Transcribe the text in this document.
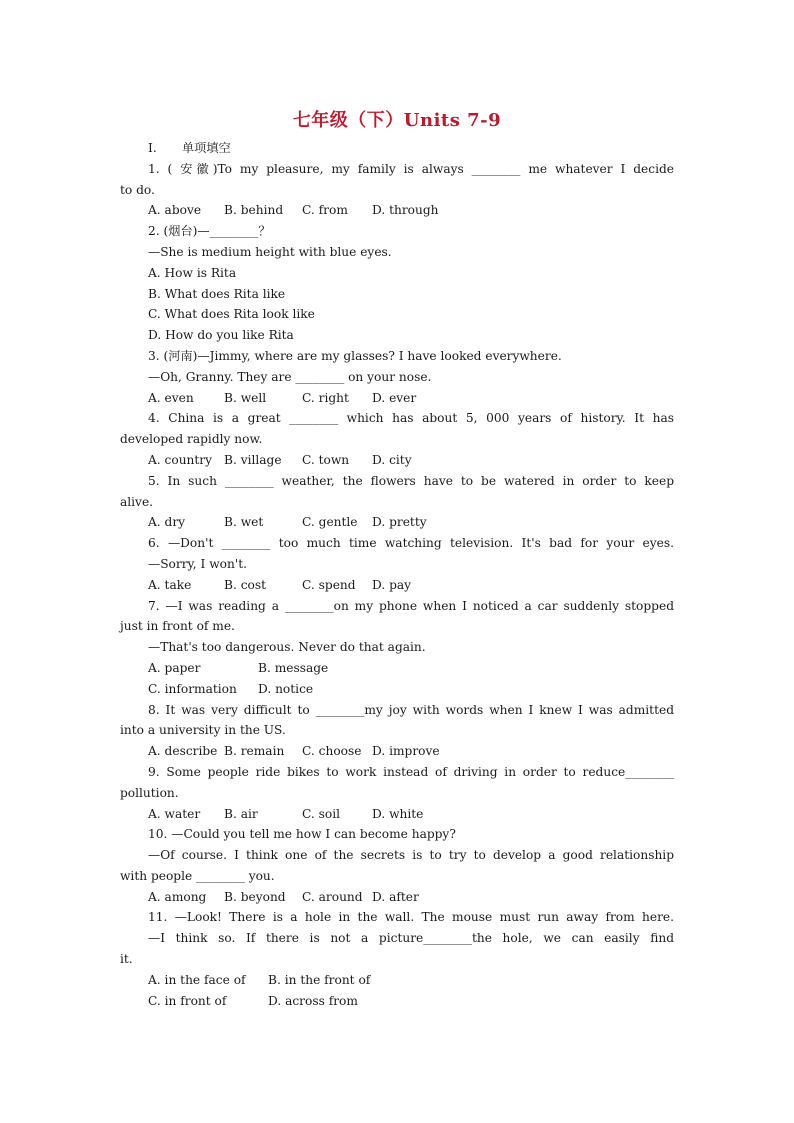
七年级（下）Units 7-9
Ⅰ. 单项填空
1. ( 安徽)To my pleasure, my family is always ________ me whatever I decide
to do.
A. above B. behind C. from D. through
2. (烟台)—________？
—She is medium height with blue eyes.
A. How is Rita
B. What does Rita like
C. What does Rita look like
D. How do you like Rita
3. (河南)—Jimmy, where are my glasses? I have looked everywhere.
—Oh, Granny. They are ________ on your nose.
A. even B. well	C. right D. ever
4. China is a great ________ which has about 5, 000 years of history. It has
developed rapidly now.
A. country B. village C. town D. city
5. In such ________ weather, the flowers have to be watered in order to keep
alive.
A. dry	B. wet	C. gentle D. pretty
6. —Don't ________ too much time watching television. It's bad for your eyes.
—Sorry, I won't.
A. take	B. cost	C. spend D. pay
7. —I was reading a ________on my phone when I noticed a car suddenly stopped
just in front of me.
—That's too dangerous. Never do that again.
A. paper	B. message
C. information D. notice
8. It was very difficult to ________my joy with words when I knew I was admitted
into a university in the US.
A. describe B. remain C. choose D. improve
9. Some people ride bikes to work instead of driving in order to reduce________
pollution.
A. water B. air	C. soil	D. white
10. —Could you tell me how I can become happy?
—Of course. I think one of the secrets is to try to develop a good relationship
with people ________ you.
A. among B. beyond C. around D. after
11. —Look! There is a hole in the wall. The mouse must run away from here.
—I think so. If there is not a picture________the hole, we can easily find
it.
A. in the face of B. in the front of
C. in front of	D. across from
